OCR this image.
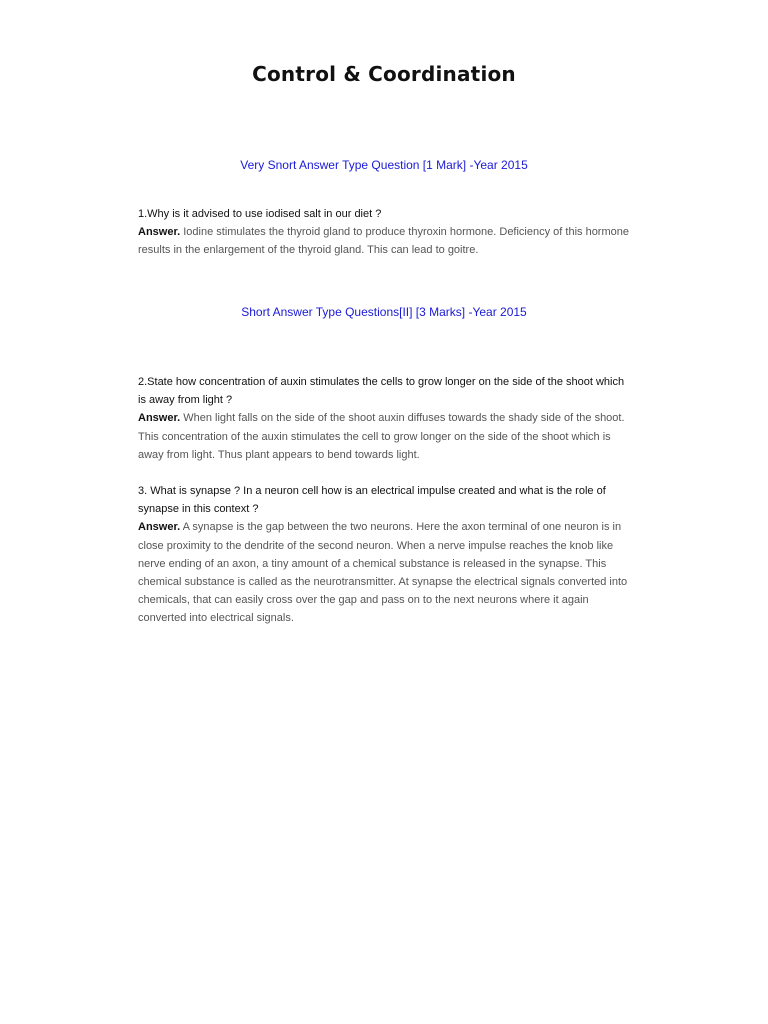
Control & Coordination
Very Snort Answer Type Question [1 Mark] -Year 2015

1.Why is it advised to use iodised salt in our diet ?

Answer. Iodine stimulates the thyroid gland to produce thyroxin hormone. Deficiency of this hormone results in the enlargement of the thyroid gland. This can lead to goitre.

Short Answer Type Questions[II] [3 Marks] -Year 2015

2.State how concentration of auxin stimulates the cells to grow longer on the side of the shoot which is away from light ?

Answer. When light falls on the side of the shoot auxin diffuses towards the shady side of the shoot. This concentration of the auxin stimulates the cell to grow longer on the side of the shoot which is away from light. Thus plant appears to bend towards light.

3. What is synapse ? In a neuron cell how is an electrical impulse created and what is the role of synapse in this context ?

Answer. A synapse is the gap between the two neurons. Here the axon terminal of one neuron is in close proximity to the dendrite of the second neuron. When a nerve impulse reaches the knob like nerve ending of an axon, a tiny amount of a chemical substance is released in the synapse. This chemical substance is called as the neurotransmitter. At synapse the electrical signals converted into chemicals, that can easily cross over the gap and pass on to the next neurons where it again converted into electrical signals.
